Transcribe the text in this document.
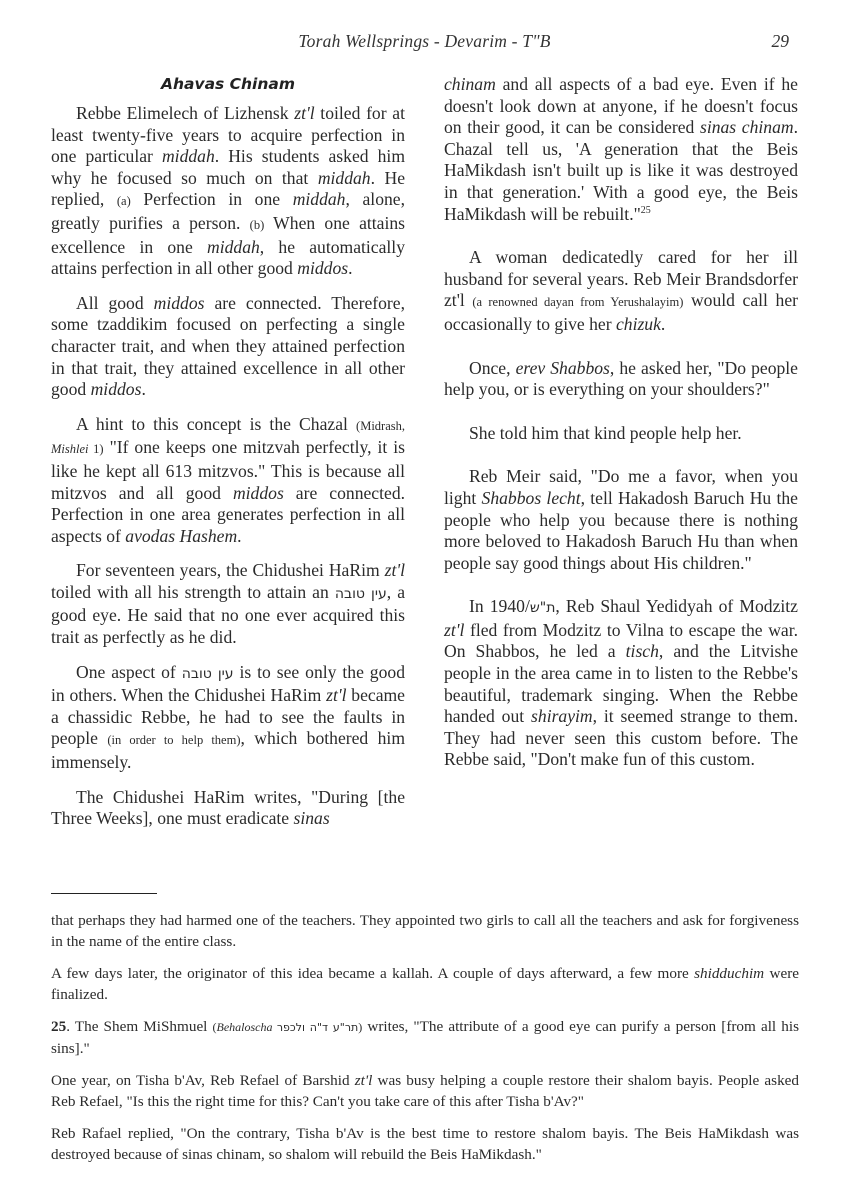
Torah Wellsprings - Devarim - T"B	29
Ahavas Chinam

Rebbe Elimelech of Lizhensk zt'l toiled for at least twenty-five years to acquire perfection in one particular middah. His students asked him why he focused so much on that middah. He replied, (a) Perfection in one middah, alone, greatly purifies a person. (b) When one attains excellence in one middah, he automatically attains perfection in all other good middos.

All good middos are connected. Therefore, some tzaddikim focused on perfecting a single character trait, and when they attained perfection in that trait, they attained excellence in all other good middos.

A hint to this concept is the Chazal (Midrash, Mishlei 1) "If one keeps one mitzvah perfectly, it is like he kept all 613 mitzvos." This is because all mitzvos and all good middos are connected. Perfection in one area generates perfection in all aspects of avodas Hashem.

For seventeen years, the Chidushei HaRim zt'l toiled with all his strength to attain an עין טובה, a good eye. He said that no one ever acquired this trait as perfectly as he did.

One aspect of עין טובה is to see only the good in others. When the Chidushei HaRim zt'l became a chassidic Rebbe, he had to see the faults in people (in order to help them), which bothered him immensely.

The Chidushei HaRim writes, "During [the Three Weeks], one must eradicate sinas

chinam and all aspects of a bad eye. Even if he doesn't look down at anyone, if he doesn't focus on their good, it can be considered sinas chinam. Chazal tell us, 'A generation that the Beis HaMikdash isn't built up is like it was destroyed in that generation.' With a good eye, the Beis HaMikdash will be rebuilt."$^{25}$

A woman dedicatedly cared for her ill husband for several years. Reb Meir Brandsdorfer zt'l (a renowned dayan from Yerushalayim) would call her occasionally to give her chizuk.

Once, erev Shabbos, he asked her, "Do people help you, or is everything on your shoulders?"

She told him that kind people help her.

Reb Meir said, "Do me a favor, when you light Shabbos lecht, tell Hakadosh Baruch Hu the people who help you because there is nothing more beloved to Hakadosh Baruch Hu than when people say good things about His children."

In 1940/ת"ש, Reb Shaul Yedidyah of Modzitz zt'l fled from Modzitz to Vilna to escape the war. On Shabbos, he led a tisch, and the Litvishe people in the area came in to listen to the Rebbe's beautiful, trademark singing. When the Rebbe handed out shirayim, it seemed strange to them. They had never seen this custom before. The Rebbe said, "Don't make fun of this custom.

that perhaps they had harmed one of the teachers. They appointed two girls to call all the teachers and ask for forgiveness in the name of the entire class.

A few days later, the originator of this idea became a kallah. A couple of days afterward, a few more shidduchim were finalized.

25. The Shem MiShmuel (Behaloscha תר"ע ד"ה ולכפר) writes, "The attribute of a good eye can purify a person [from all his sins]."

One year, on Tisha b'Av, Reb Refael of Barshid zt'l was busy helping a couple restore their shalom bayis. People asked Reb Refael, "Is this the right time for this? Can't you take care of this after Tisha b'Av?"

Reb Rafael replied, "On the contrary, Tisha b'Av is the best time to restore shalom bayis. The Beis HaMikdash was destroyed because of sinas chinam, so shalom will rebuild the Beis HaMikdash."
